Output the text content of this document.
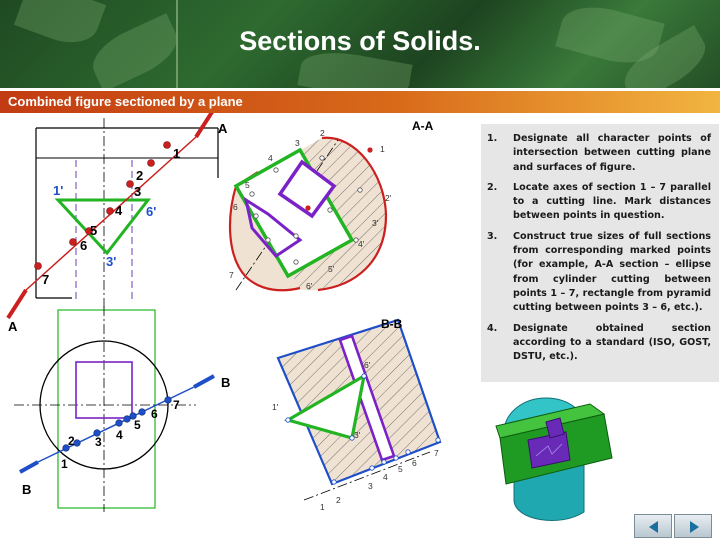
Sections of Solids.
Combined figure sectioned by a plane
1
2
3
4
5
6
7
1'
6'
3'
A
A
1
2 3 4
5
6
7
B
B
1
2
3
4
5
6
7
2'
3'
4'
5'
6'
A-A
1
2
3
4
5
6
7
1'
3'
6'
B-B
1.	Designate all character points of intersection between cutting plane and surfaces of figure.
2.	Locate axes of section 1 – 7 parallel to a cutting line. Mark distances between points in question.
3.	Construct true sizes of full sections from corresponding marked points (for example, A-A section – ellipse from cylinder cutting between points 1 – 7, rectangle from pyramid cutting between points 3 – 6, etc.).
4.	Designate obtained section according to a standard (ISO, GOST, DSTU, etc.).
